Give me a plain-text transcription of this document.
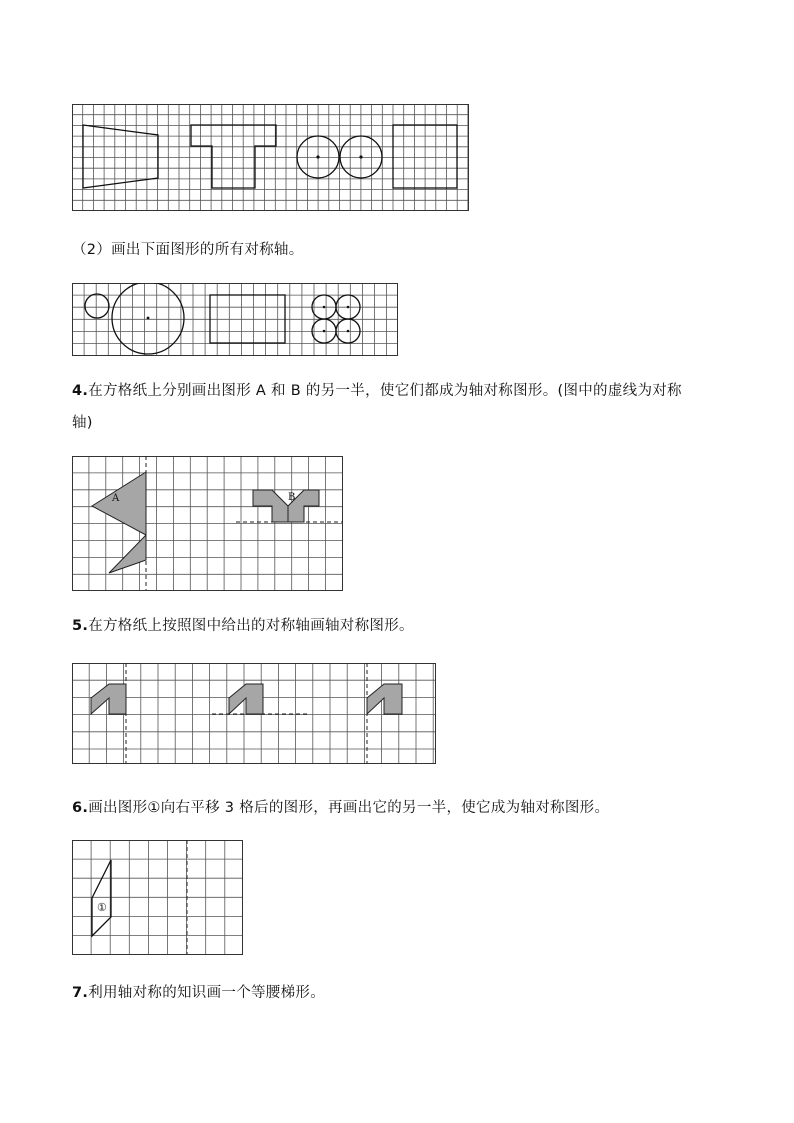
（2）画出下面图形的所有对称轴。
4.在方格纸上分别画出图形 A 和 B 的另一半，使它们都成为轴对称图形。(图中的虚线为对称
轴)
A	B
5.在方格纸上按照图中给出的对称轴画轴对称图形。
6.画出图形①向右平移 3 格后的图形，再画出它的另一半，使它成为轴对称图形。
①
7.利用轴对称的知识画一个等腰梯形。
